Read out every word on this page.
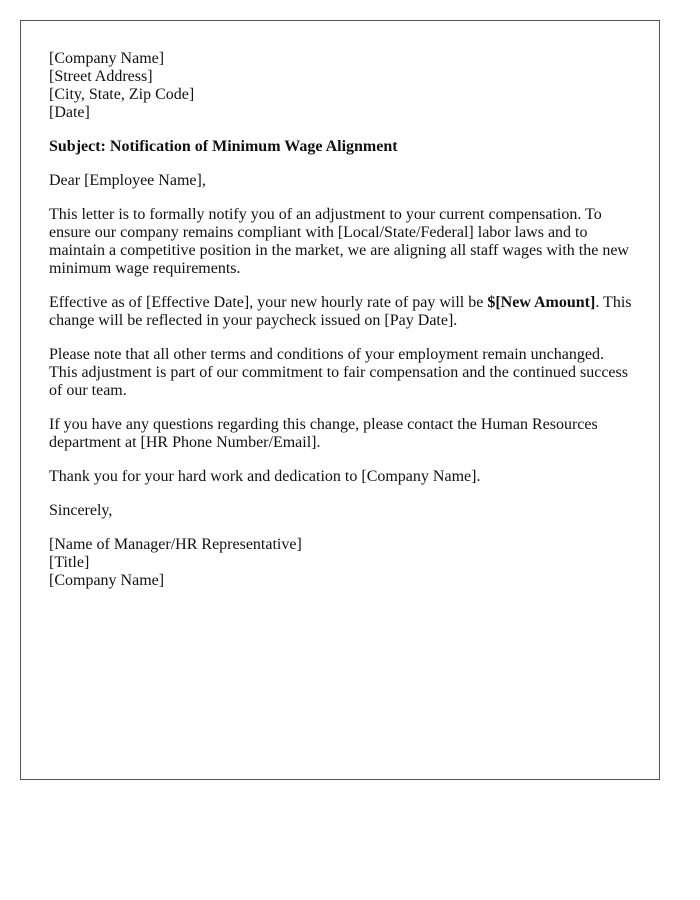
[Company Name]
[Street Address]
[City, State, Zip Code]
[Date]

Subject: Notification of Minimum Wage Alignment

Dear [Employee Name],

This letter is to formally notify you of an adjustment to your current compensation. To
ensure our company remains compliant with [Local/State/Federal] labor laws and to
maintain a competitive position in the market, we are aligning all staff wages with the new
minimum wage requirements.
Effective as of [Effective Date], your new hourly rate of pay will be $[New Amount]. This
change will be reflected in your paycheck issued on [Pay Date].
Please note that all other terms and conditions of your employment remain unchanged.
This adjustment is part of our commitment to fair compensation and the continued success
of our team.
If you have any questions regarding this change, please contact the Human Resources
department at [HR Phone Number/Email].

Thank you for your hard work and dedication to [Company Name].

Sincerely,

[Name of Manager/HR Representative]
[Title]
[Company Name]
